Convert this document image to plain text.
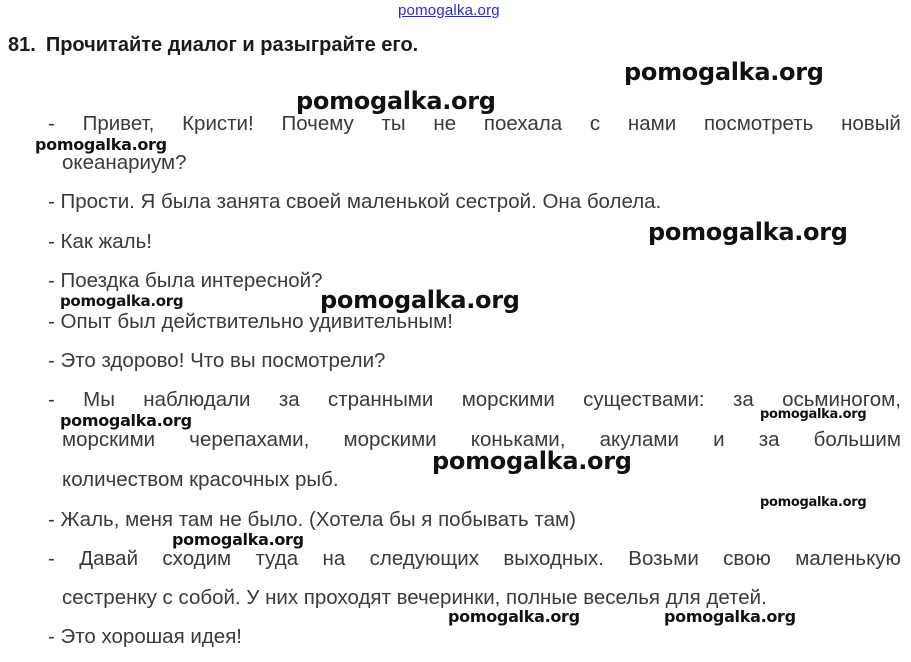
pomogalka.org
81. Прочитайте диалог и разыграйте его.
- Привет, Кристи! Почему ты не поехала с нами посмотреть новый
океанариум?
- Прости. Я была занята своей маленькой сестрой. Она болела.
- Как жаль!
- Поездка была интересной?
- Опыт был действительно удивительным!
- Это здорово! Что вы посмотрели?
- Мы наблюдали за странными морскими существами: за осьминогом,
морскими черепахами, морскими коньками, акулами и за большим
количеством красочных рыб.
- Жаль, меня там не было. (Хотела бы я побывать там)
- Давай сходим туда на следующих выходных. Возьми свою маленькую
сестренку с собой. У них проходят вечеринки, полные веселья для детей.
- Это хорошая идея!
pomogalka.org
pomogalka.org
pomogalka.org
pomogalka.org
pomogalka.org	pomogalka.org
pomogalka.org
pomogalka.org
pomogalka.org
pomogalka.org
pomogalka.org
pomogalka.org	pomogalka.org
